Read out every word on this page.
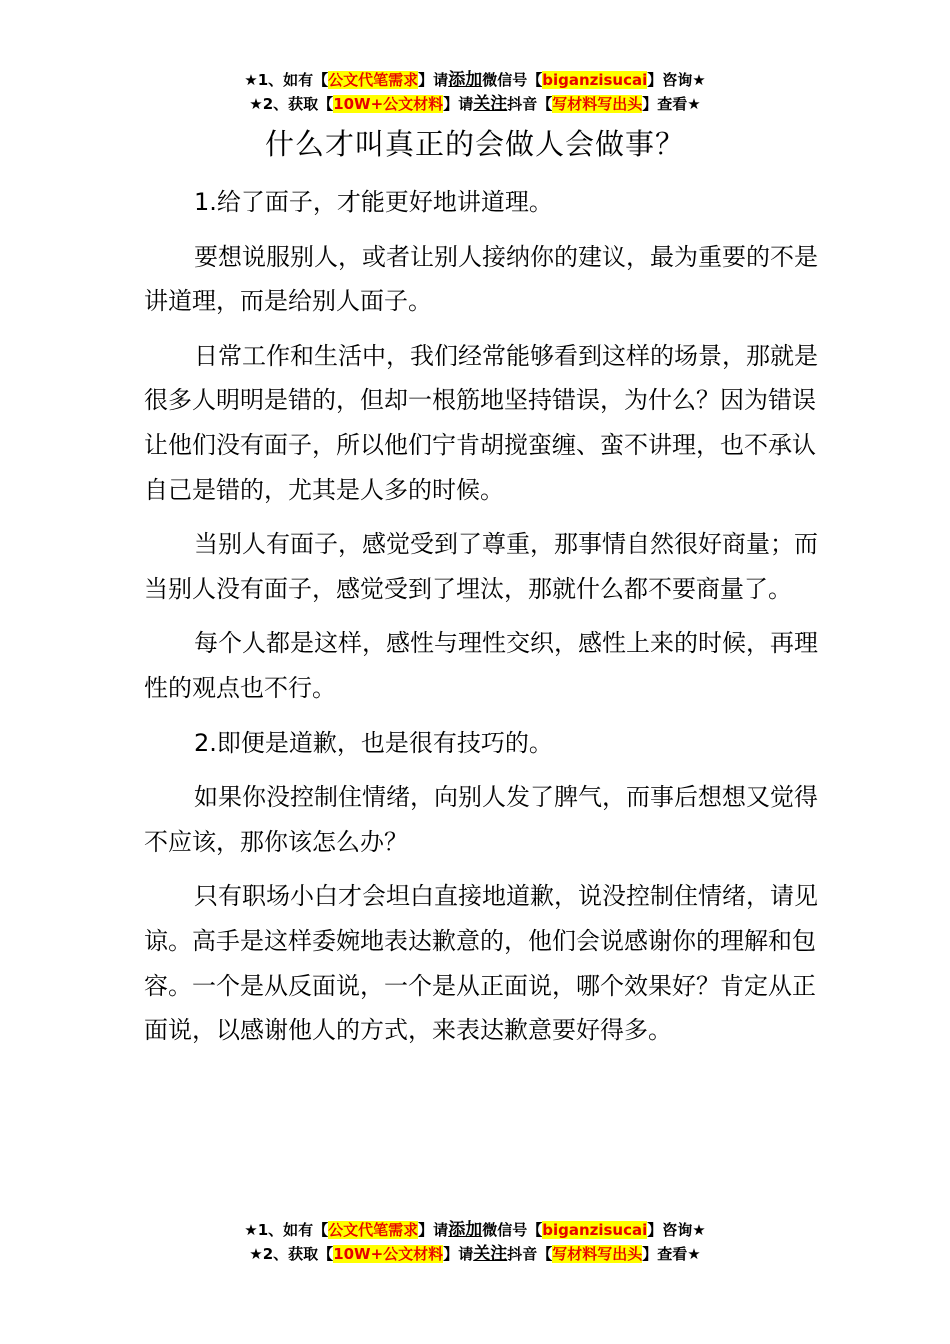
★1、如有【公文代笔需求】请添加微信号【biganzisucai】咨询★
★2、获取【10W+公文材料】请关注抖音【写材料写出头】查看★
什么才叫真正的会做人会做事？

1.给了面子，才能更好地讲道理。

要想说服别人，或者让别人接纳你的建议，最为重要的不是讲道理，而是给别人面子。

日常工作和生活中，我们经常能够看到这样的场景，那就是很多人明明是错的，但却一根筋地坚持错误，为什么？因为错误让他们没有面子，所以他们宁肯胡搅蛮缠、蛮不讲理，也不承认自己是错的，尤其是人多的时候。

当别人有面子，感觉受到了尊重，那事情自然很好商量；而当别人没有面子，感觉受到了埋汰，那就什么都不要商量了。

每个人都是这样，感性与理性交织，感性上来的时候，再理性的观点也不行。

2.即便是道歉，也是很有技巧的。

如果你没控制住情绪，向别人发了脾气，而事后想想又觉得不应该，那你该怎么办？

只有职场小白才会坦白直接地道歉，说没控制住情绪，请见谅。高手是这样委婉地表达歉意的，他们会说感谢你的理解和包容。一个是从反面说，一个是从正面说，哪个效果好？肯定从正面说，以感谢他人的方式，来表达歉意要好得多。

★1、如有【公文代笔需求】请添加微信号【biganzisucai】咨询★
★2、获取【10W+公文材料】请关注抖音【写材料写出头】查看★
